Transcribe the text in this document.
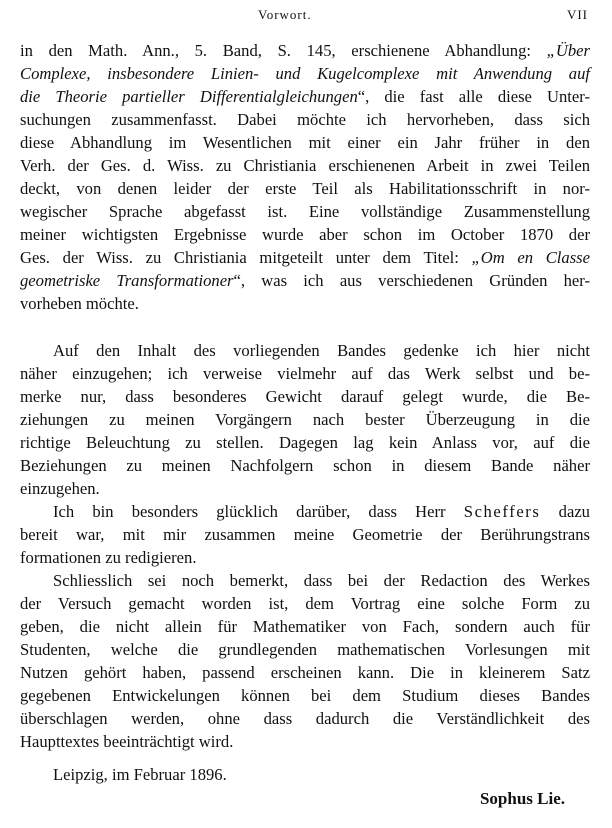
Vorwort.	VII
in den Math. Ann., 5. Band, S. 145, erschienene Abhandlung: „Über
Complexe, insbesondere Linien- und Kugelcomplexe mit Anwendung auf
die Theorie partieller Differentialgleichungen“, die fast alle diese Unter-
suchungen zusammenfasst. Dabei möchte ich hervorheben, dass sich
diese Abhandlung im Wesentlichen mit einer ein Jahr früher in den
Verh. der Ges. d. Wiss. zu Christiania erschienenen Arbeit in zwei Teilen
deckt, von denen leider der erste Teil als Habilitationsschrift in nor-
wegischer Sprache abgefasst ist. Eine vollständige Zusammenstellung
meiner wichtigsten Ergebnisse wurde aber schon im October 1870 der
Ges. der Wiss. zu Christiania mitgeteilt unter dem Titel: „Om en Classe
geometriske Transformationer“, was ich aus verschiedenen Gründen her-
vorheben möchte.
Auf den Inhalt des vorliegenden Bandes gedenke ich hier nicht
näher einzugehen; ich verweise vielmehr auf das Werk selbst und be-
merke nur, dass besonderes Gewicht darauf gelegt wurde, die Be-
ziehungen zu meinen Vorgängern nach bester Überzeugung in die
richtige Beleuchtung zu stellen. Dagegen lag kein Anlass vor, auf die
Beziehungen zu meinen Nachfolgern schon in diesem Bande näher
einzugehen.
Ich bin besonders glücklich darüber, dass Herr Scheffers dazu
bereit war, mit mir zusammen meine Geometrie der Berührungstrans
formationen zu redigieren.
Schliesslich sei noch bemerkt, dass bei der Redaction des Werkes
der Versuch gemacht worden ist, dem Vortrag eine solche Form zu
geben, die nicht allein für Mathematiker von Fach, sondern auch für
Studenten, welche die grundlegenden mathematischen Vorlesungen mit
Nutzen gehört haben, passend erscheinen kann. Die in kleinerem Satz
gegebenen Entwickelungen können bei dem Studium dieses Bandes
überschlagen werden, ohne dass dadurch die Verständlichkeit des
Haupttextes beeinträchtigt wird.
Leipzig, im Februar 1896.
Sophus Lie.
